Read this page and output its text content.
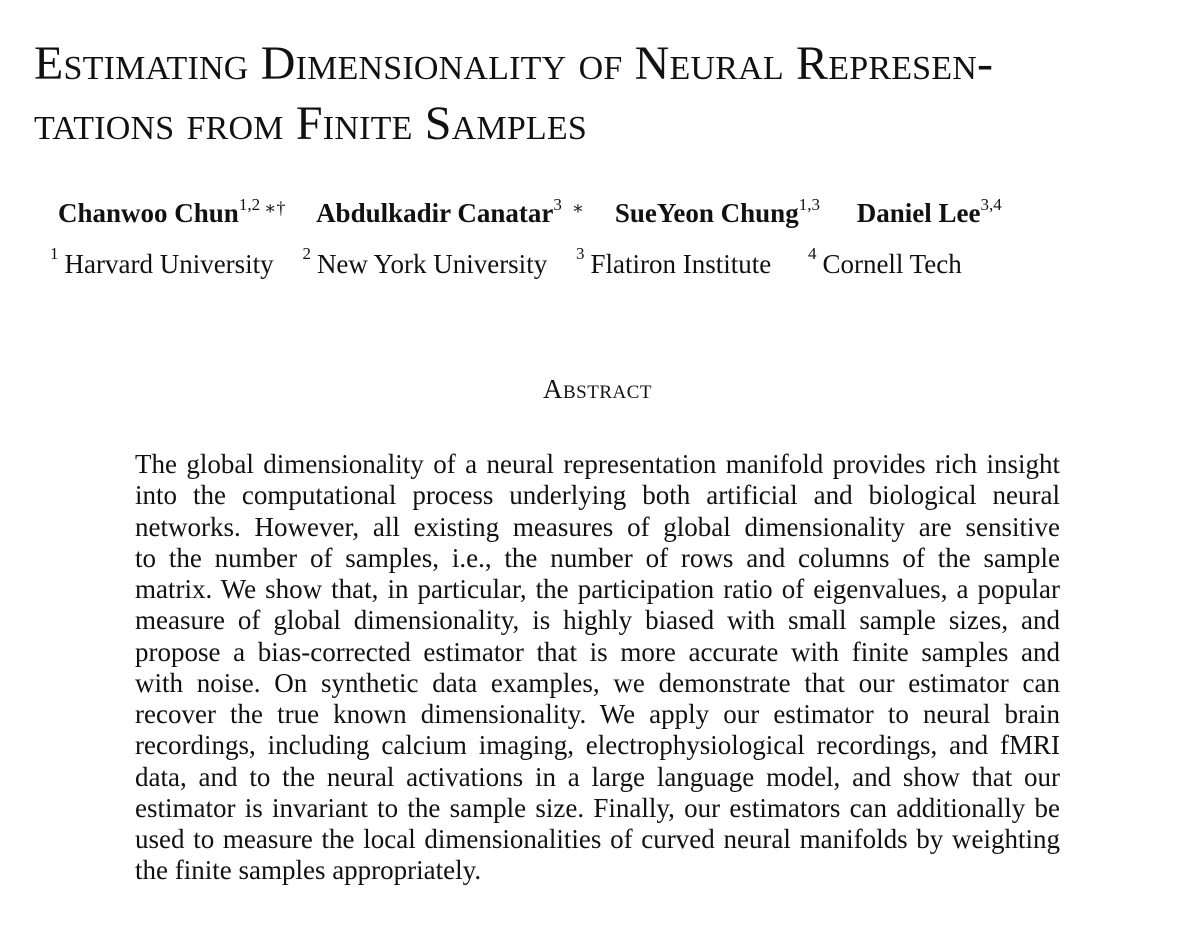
Estimating Dimensionality of Neural Represen-
tations from Finite Samples
Chanwoo Chun$^{1,2}$ ∗† Abdulkadir Canatar$^3$ ∗ SueYeon Chung$^{1,3}$ Daniel Lee$^{3,4}$
$^1$ Harvard University $^2$ New York University $^3$ Flatiron Institute $^4$ Cornell Tech
Abstract
The global dimensionality of a neural representation manifold provides rich insight
into the computational process underlying both artificial and biological neural
networks. However, all existing measures of global dimensionality are sensitive
to the number of samples, i.e., the number of rows and columns of the sample
matrix. We show that, in particular, the participation ratio of eigenvalues, a popular
measure of global dimensionality, is highly biased with small sample sizes, and
propose a bias-corrected estimator that is more accurate with finite samples and
with noise. On synthetic data examples, we demonstrate that our estimator can
recover the true known dimensionality. We apply our estimator to neural brain
recordings, including calcium imaging, electrophysiological recordings, and fMRI
data, and to the neural activations in a large language model, and show that our
estimator is invariant to the sample size. Finally, our estimators can additionally be
used to measure the local dimensionalities of curved neural manifolds by weighting
the finite samples appropriately.
